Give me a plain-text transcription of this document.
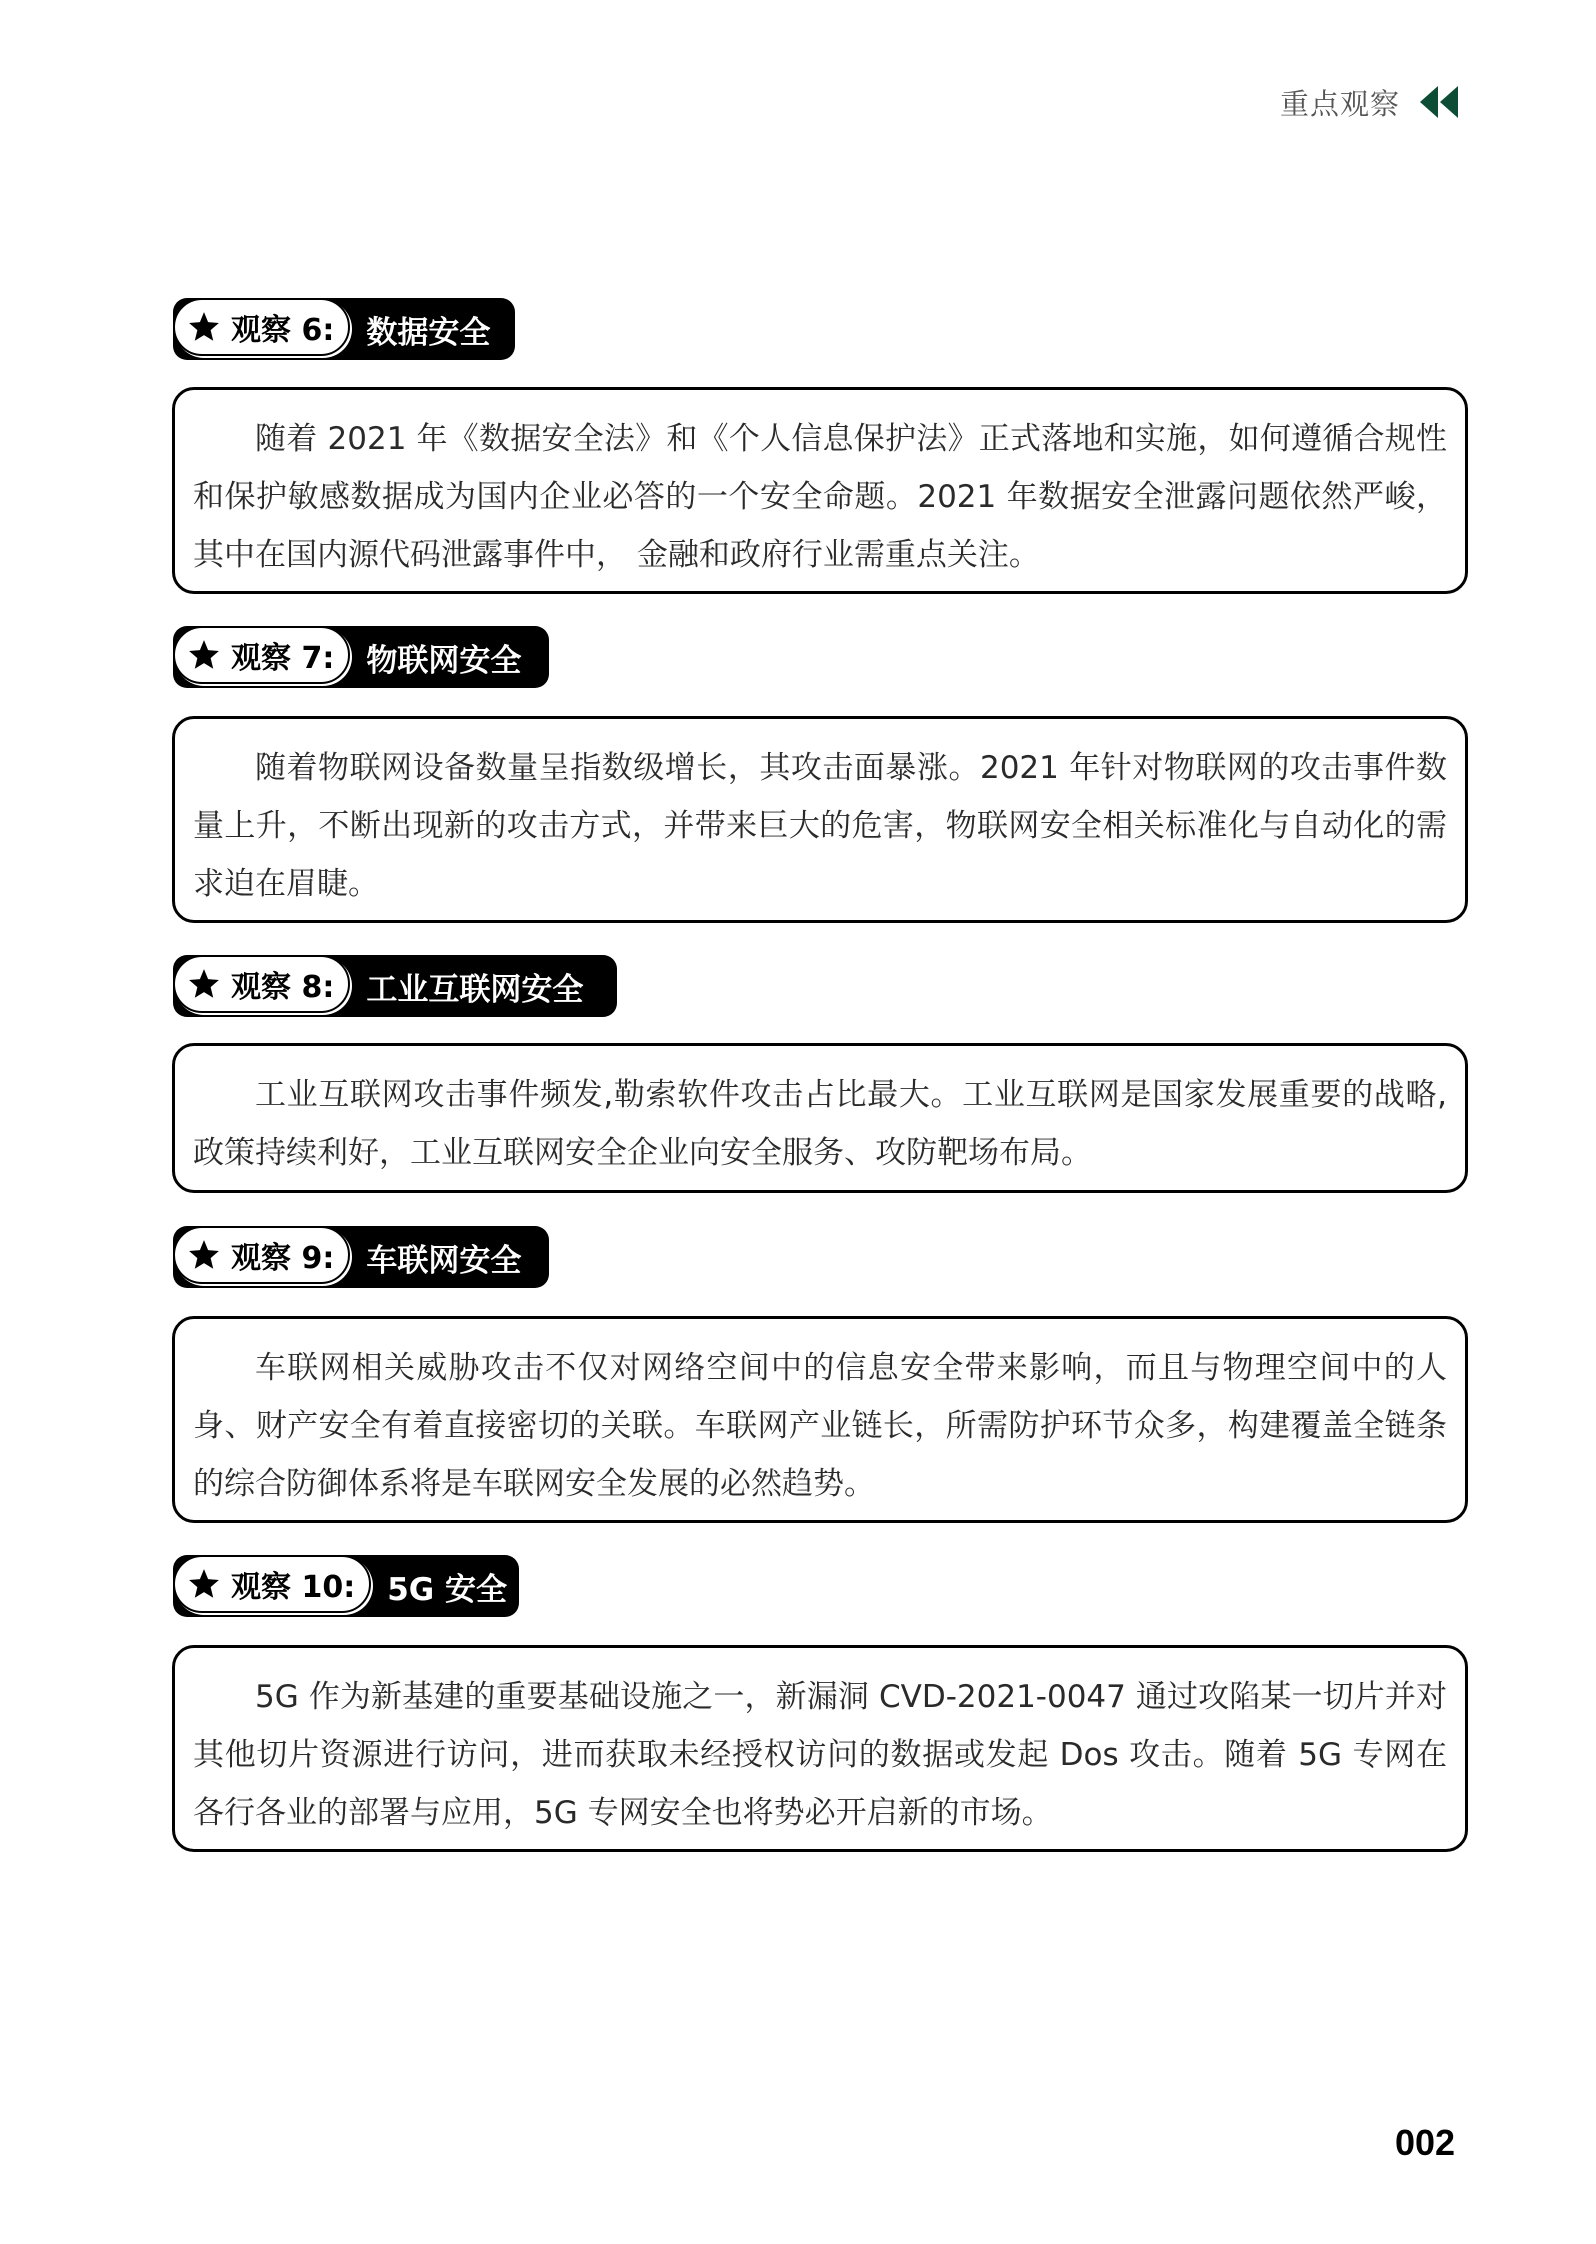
重点观察
观察 6:	数据安全

随着 2021 年《数据安全法》和《个人信息保护法》正式落地和实施，如何遵循合规性和保护敏感数据成为国内企业必答的一个安全命题。2021 年数据安全泄露问题依然严峻，其中在国内源代码泄露事件中， 金融和政府行业需重点关注。

观察 7:	物联网安全

随着物联网设备数量呈指数级增长，其攻击面暴涨。2021 年针对物联网的攻击事件数量上升，不断出现新的攻击方式，并带来巨大的危害，物联网安全相关标准化与自动化的需求迫在眉睫。

观察 8:	工业互联网安全

工业互联网攻击事件频发,勒索软件攻击占比最大。工业互联网是国家发展重要的战略,政策持续利好，工业互联网安全企业向安全服务、攻防靶场布局。

观察 9:	车联网安全

车联网相关威胁攻击不仅对网络空间中的信息安全带来影响，而且与物理空间中的人身、财产安全有着直接密切的关联。车联网产业链长，所需防护环节众多，构建覆盖全链条的综合防御体系将是车联网安全发展的必然趋势。

观察 10:	5G 安全

5G 作为新基建的重要基础设施之一，新漏洞 CVD-2021-0047 通过攻陷某一切片并对其他切片资源进行访问，进而获取未经授权访问的数据或发起 Dos 攻击。随着 5G 专网在各行各业的部署与应用，5G 专网安全也将势必开启新的市场。

002
